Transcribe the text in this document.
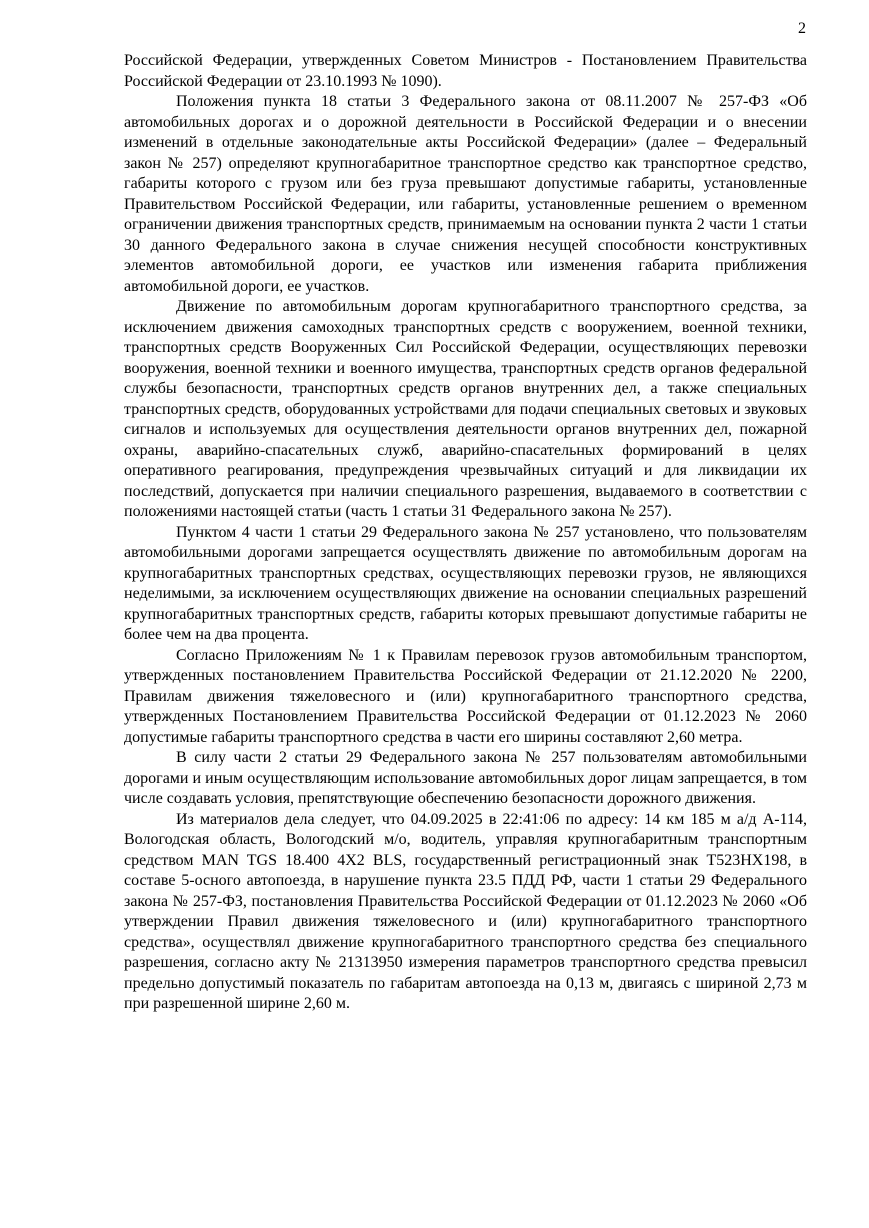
2

Российской Федерации, утвержденных Советом Министров - Постановлением Правительства Российской Федерации от 23.10.1993 № 1090).

Положения пункта 18 статьи 3 Федерального закона от 08.11.2007 № 257-ФЗ «Об автомобильных дорогах и о дорожной деятельности в Российской Федерации и о внесении изменений в отдельные законодательные акты Российской Федерации» (далее – Федеральный закон № 257) определяют крупногабаритное транспортное средство как транспортное средство, габариты которого с грузом или без груза превышают допустимые габариты, установленные Правительством Российской Федерации, или габариты, установленные решением о временном ограничении движения транспортных средств, принимаемым на основании пункта 2 части 1 статьи 30 данного Федерального закона в случае снижения несущей способности конструктивных элементов автомобильной дороги, ее участков или изменения габарита приближения автомобильной дороги, ее участков.

Движение по автомобильным дорогам крупногабаритного транспортного средства, за исключением движения самоходных транспортных средств с вооружением, военной техники, транспортных средств Вооруженных Сил Российской Федерации, осуществляющих перевозки вооружения, военной техники и военного имущества, транспортных средств органов федеральной службы безопасности, транспортных средств органов внутренних дел, а также специальных транспортных средств, оборудованных устройствами для подачи специальных световых и звуковых сигналов и используемых для осуществления деятельности органов внутренних дел, пожарной охраны, аварийно-спасательных служб, аварийно-спасательных формирований в целях оперативного реагирования, предупреждения чрезвычайных ситуаций и для ликвидации их последствий, допускается при наличии специального разрешения, выдаваемого в соответствии с положениями настоящей статьи (часть 1 статьи 31 Федерального закона № 257).

Пунктом 4 части 1 статьи 29 Федерального закона № 257 установлено, что пользователям автомобильными дорогами запрещается осуществлять движение по автомобильным дорогам на крупногабаритных транспортных средствах, осуществляющих перевозки грузов, не являющихся неделимыми, за исключением осуществляющих движение на основании специальных разрешений крупногабаритных транспортных средств, габариты которых превышают допустимые габариты не более чем на два процента.

Согласно Приложениям № 1 к Правилам перевозок грузов автомобильным транспортом, утвержденных постановлением Правительства Российской Федерации от 21.12.2020 № 2200, Правилам движения тяжеловесного и (или) крупногабаритного транспортного средства, утвержденных Постановлением Правительства Российской Федерации от 01.12.2023 № 2060 допустимые габариты транспортного средства в части его ширины составляют 2,60 метра.

В силу части 2 статьи 29 Федерального закона № 257 пользователям автомобильными дорогами и иным осуществляющим использование автомобильных дорог лицам запрещается, в том числе создавать условия, препятствующие обеспечению безопасности дорожного движения.

Из материалов дела следует, что 04.09.2025 в 22:41:06 по адресу: 14 км 185 м а/д А-114, Вологодская область, Вологодский м/о, водитель, управляя крупногабаритным транспортным средством MAN TGS 18.400 4X2 BLS, государственный регистрационный знак Т523НХ198, в составе 5-осного автопоезда, в нарушение пункта 23.5 ПДД РФ, части 1 статьи 29 Федерального закона № 257-ФЗ, постановления Правительства Российской Федерации от 01.12.2023 № 2060 «Об утверждении Правил движения тяжеловесного и (или) крупногабаритного транспортного средства», осуществлял движение крупногабаритного транспортного средства без специального разрешения, согласно акту № 21313950 измерения параметров транспортного средства превысил предельно допустимый показатель по габаритам автопоезда на 0,13 м, двигаясь с шириной 2,73 м при разрешенной ширине 2,60 м.
